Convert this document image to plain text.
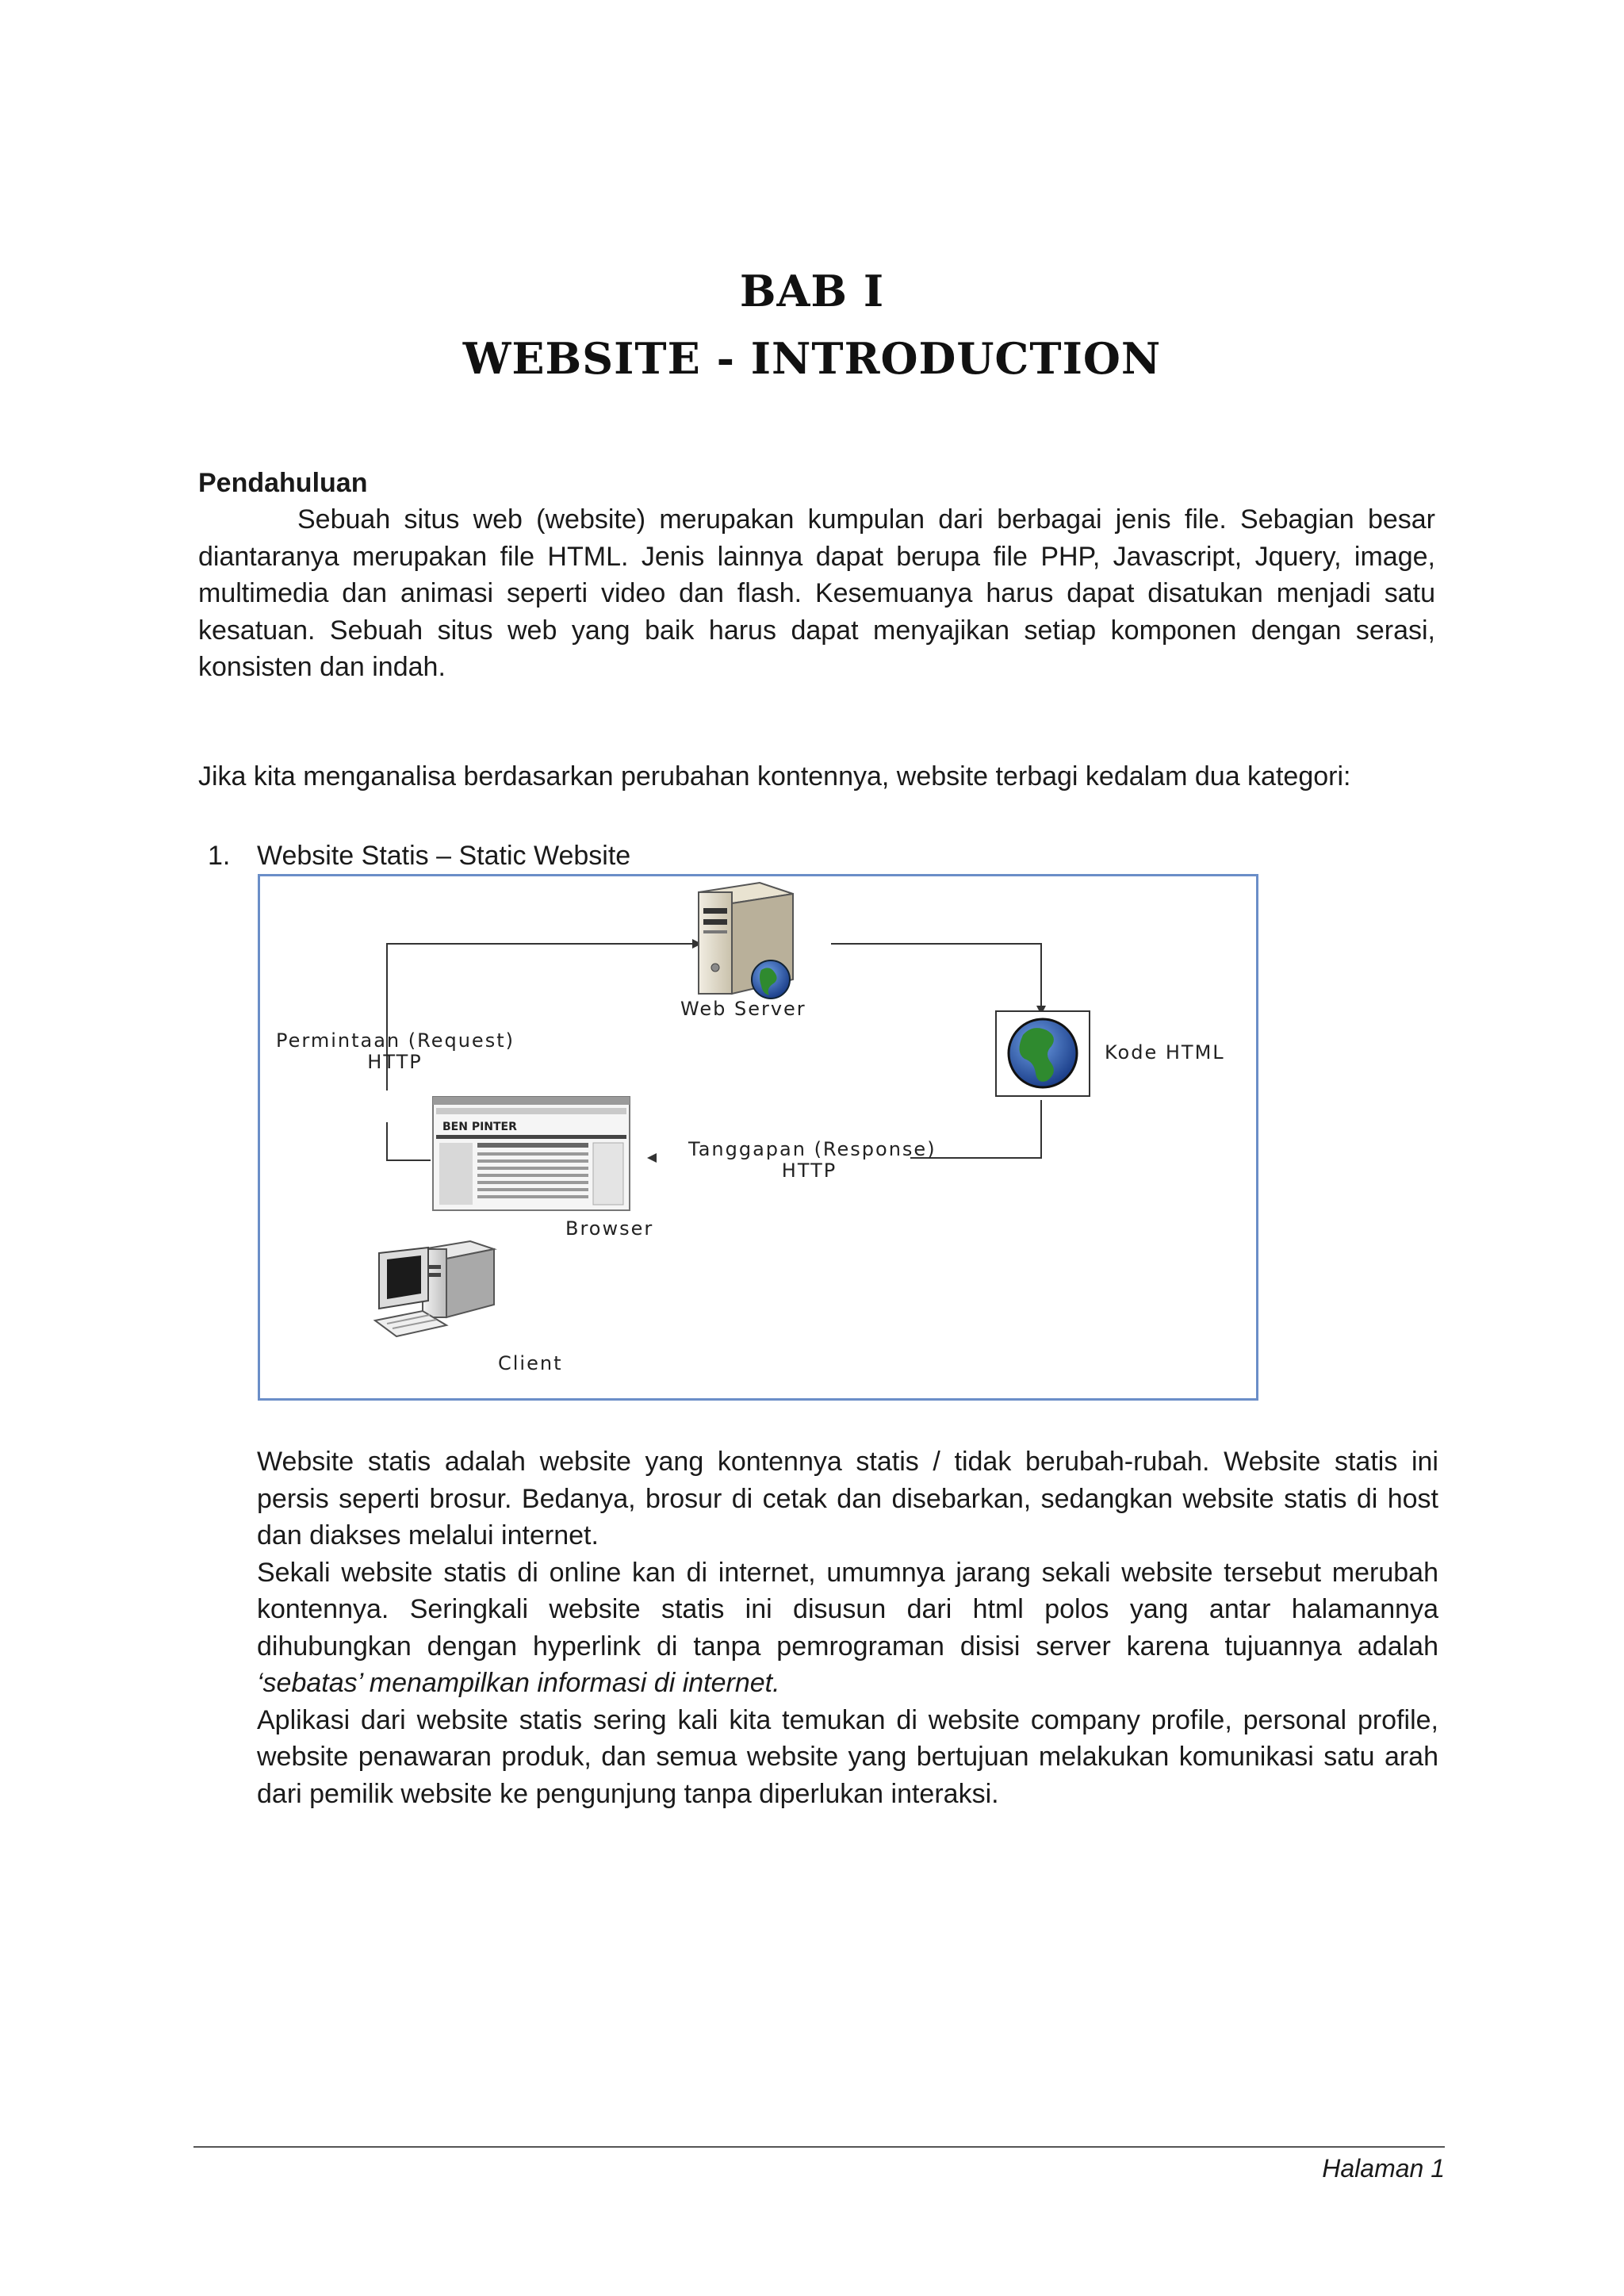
BAB I
WEBSITE - INTRODUCTION
Pendahuluan
Sebuah situs web (website) merupakan kumpulan dari berbagai jenis file. Sebagian besar diantaranya merupakan file HTML. Jenis lainnya dapat berupa file PHP, Javascript, Jquery, image, multimedia dan animasi seperti video dan flash. Kesemuanya harus dapat disatukan menjadi satu kesatuan. Sebuah situs web yang baik harus dapat menyajikan setiap komponen dengan serasi, konsisten dan indah.
Jika kita menganalisa berdasarkan perubahan kontennya, website terbagi kedalam dua kategori:
1. Website Statis – Static Website
BEN PINTER
Web Server
Permintaan (Request)
HTTP	Kode HTML
Tanggapan (Response)
HTTP
Browser
Client

Website statis adalah website yang kontennya statis / tidak berubah-rubah. Website statis ini persis seperti brosur. Bedanya, brosur di cetak dan disebarkan, sedangkan website statis di host dan diakses melalui internet.

Sekali website statis di online kan di internet, umumnya jarang sekali website tersebut merubah kontennya. Seringkali website statis ini disusun dari html polos yang antar halamannya dihubungkan dengan hyperlink di tanpa pemrograman disisi server karena tujuannya adalah ‘sebatas’ menampilkan informasi di internet.

Aplikasi dari website statis sering kali kita temukan di website company profile, personal profile, website penawaran produk, dan semua website yang bertujuan melakukan komunikasi satu arah dari pemilik website ke pengunjung tanpa diperlukan interaksi.

Halaman 1
